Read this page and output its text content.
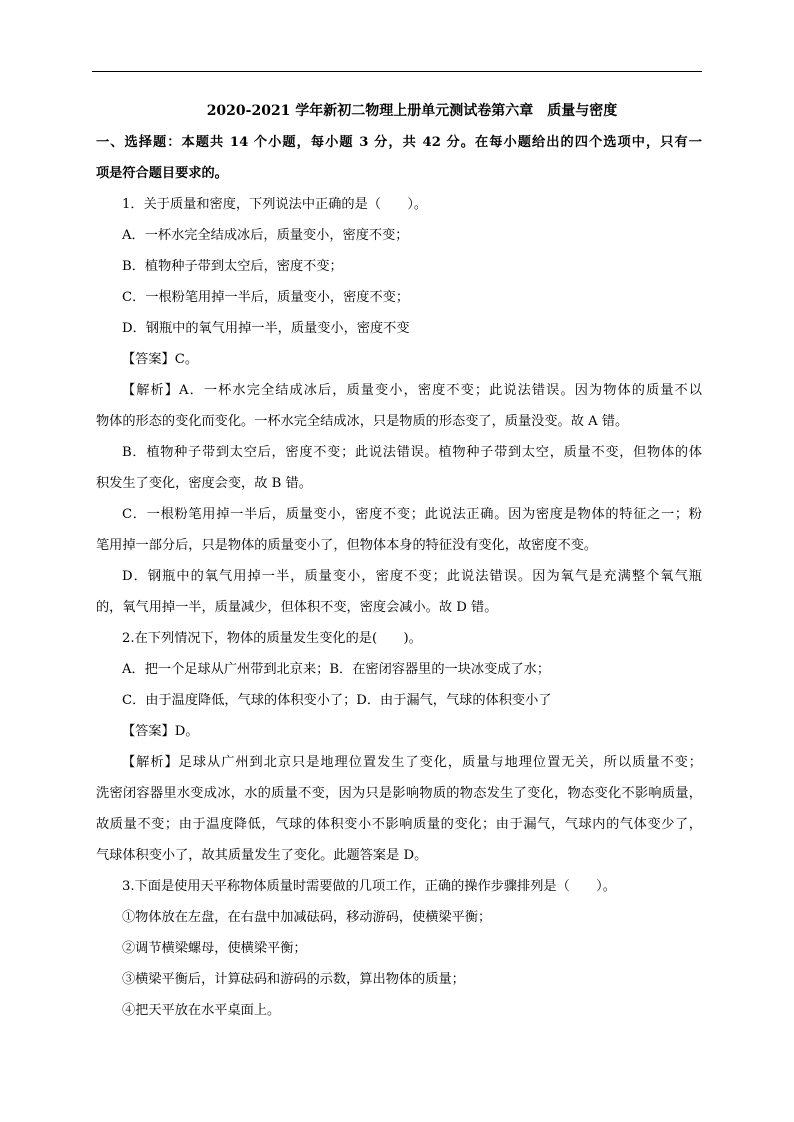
2020-2021 学年新初二物理上册单元测试卷第六章　质量与密度
一、选择题：本题共 14 个小题，每小题 3 分，共 42 分。在每小题给出的四个选项中，只有一
项是符合题目要求的。
1．关于质量和密度，下列说法中正确的是（　　）。
A．一杯水完全结成冰后，质量变小，密度不变；
B．植物种子带到太空后，密度不变；
C．一根粉笔用掉一半后，质量变小，密度不变；
D．钢瓶中的氧气用掉一半，质量变小，密度不变
【答案】C。
【解析】A．一杯水完全结成冰后，质量变小，密度不变；此说法错误。因为物体的质量不以
物体的形态的变化而变化。一杯水完全结成冰，只是物质的形态变了，质量没变。故 A 错。
B．植物种子带到太空后，密度不变；此说法错误。植物种子带到太空，质量不变，但物体的体
积发生了变化，密度会变，故 B 错。
C．一根粉笔用掉一半后，质量变小，密度不变；此说法正确。因为密度是物体的特征之一；粉
笔用掉一部分后，只是物体的质量变小了，但物体本身的特征没有变化，故密度不变。
D．钢瓶中的氧气用掉一半，质量变小，密度不变；此说法错误。因为氧气是充满整个氧气瓶
的，氧气用掉一半，质量减少，但体积不变，密度会减小。故 D 错。
2.在下列情况下，物体的质量发生变化的是(　　)。
A．把一个足球从广州带到北京来；B．在密闭容器里的一块冰变成了水；
C．由于温度降低，气球的体积变小了；D．由于漏气，气球的体积变小了
【答案】D。
【解析】足球从广州到北京只是地理位置发生了变化，质量与地理位置无关，所以质量不变；
洗密闭容器里水变成冰，水的质量不变，因为只是影响物质的物态发生了变化，物态变化不影响质量，
故质量不变；由于温度降低，气球的体积变小不影响质量的变化；由于漏气，气球内的气体变少了，
气球体积变小了，故其质量发生了变化。此题答案是 D。
3.下面是使用天平称物体质量时需要做的几项工作，正确的操作步骤排列是（　　）。
①物体放在左盘，在右盘中加减砝码，移动游码，使横梁平衡；
②调节横梁螺母，使横梁平衡；
③横梁平衡后，计算砝码和游码的示数，算出物体的质量；
④把天平放在水平桌面上。
